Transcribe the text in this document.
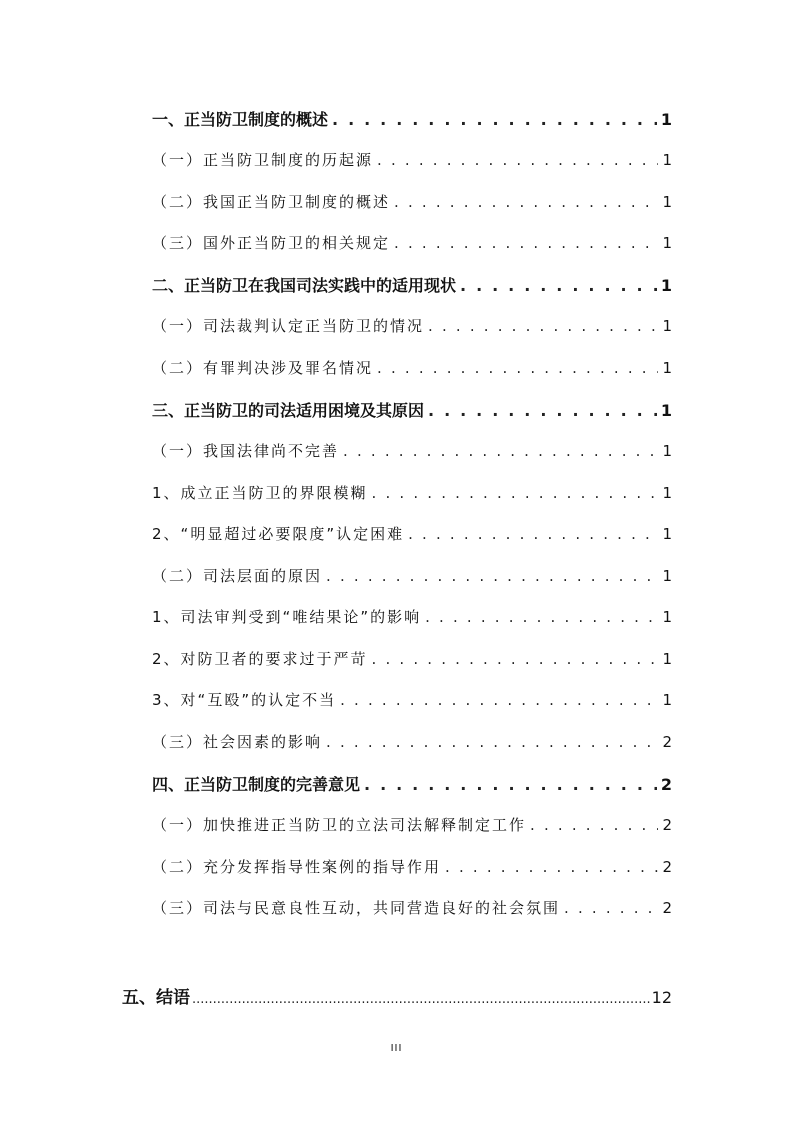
一、正当防卫制度的概述 . . .	1
（一）正当防卫制度的历起源 . . .	1
（二）我国正当防卫制度的概述 . . .	1
（三）国外正当防卫的相关规定 . . .	1
二、正当防卫在我国司法实践中的适用现状 . . .	1
（一）司法裁判认定正当防卫的情况 . . .	1
（二）有罪判决涉及罪名情况 . . .	1
三、正当防卫的司法适用困境及其原因 . . .	1
（一）我国法律尚不完善 . . .	1
1、成立正当防卫的界限模糊 . . .	1
2、“明显超过必要限度”认定困难 . . .	1
（二）司法层面的原因 . . .	1
1、司法审判受到“唯结果论”的影响 . . .	1
2、对防卫者的要求过于严苛 . . .	1
3、对“互殴”的认定不当 . . .	1
（三）社会因素的影响 . . .	2
四、正当防卫制度的完善意见 . . .	2
（一）加快推进正当防卫的立法司法解释制定工作 . . .	2
（二）充分发挥指导性案例的指导作用 . . .	2
（三）司法与民意良性互动，共同营造良好的社会氛围 . . .	2
五、结语 .....	12
III
